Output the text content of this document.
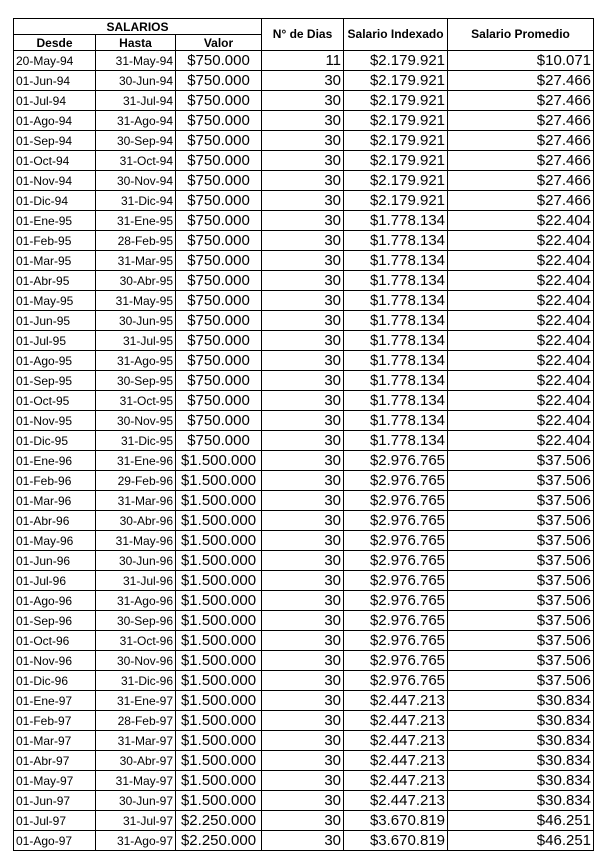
SALARIOS			N° de Dias	Salario Indexado	Salario Promedio
Desde	Hasta	Valor			
20-May-94	31-May-94	$750.000	11	$2.179.921	$10.071
01-Jun-94	30-Jun-94	$750.000	30	$2.179.921	$27.466
01-Jul-94	31-Jul-94	$750.000	30	$2.179.921	$27.466
01-Ago-94	31-Ago-94	$750.000	30	$2.179.921	$27.466
01-Sep-94	30-Sep-94	$750.000	30	$2.179.921	$27.466
01-Oct-94	31-Oct-94	$750.000	30	$2.179.921	$27.466
01-Nov-94	30-Nov-94	$750.000	30	$2.179.921	$27.466
01-Dic-94	31-Dic-94	$750.000	30	$2.179.921	$27.466
01-Ene-95	31-Ene-95	$750.000	30	$1.778.134	$22.404
01-Feb-95	28-Feb-95	$750.000	30	$1.778.134	$22.404
01-Mar-95	31-Mar-95	$750.000	30	$1.778.134	$22.404
01-Abr-95	30-Abr-95	$750.000	30	$1.778.134	$22.404
01-May-95	31-May-95	$750.000	30	$1.778.134	$22.404
01-Jun-95	30-Jun-95	$750.000	30	$1.778.134	$22.404
01-Jul-95	31-Jul-95	$750.000	30	$1.778.134	$22.404
01-Ago-95	31-Ago-95	$750.000	30	$1.778.134	$22.404
01-Sep-95	30-Sep-95	$750.000	30	$1.778.134	$22.404
01-Oct-95	31-Oct-95	$750.000	30	$1.778.134	$22.404
01-Nov-95	30-Nov-95	$750.000	30	$1.778.134	$22.404
01-Dic-95	31-Dic-95	$750.000	30	$1.778.134	$22.404
01-Ene-96	31-Ene-96	$1.500.000	30	$2.976.765	$37.506
01-Feb-96	29-Feb-96	$1.500.000	30	$2.976.765	$37.506
01-Mar-96	31-Mar-96	$1.500.000	30	$2.976.765	$37.506
01-Abr-96	30-Abr-96	$1.500.000	30	$2.976.765	$37.506
01-May-96	31-May-96	$1.500.000	30	$2.976.765	$37.506
01-Jun-96	30-Jun-96	$1.500.000	30	$2.976.765	$37.506
01-Jul-96	31-Jul-96	$1.500.000	30	$2.976.765	$37.506
01-Ago-96	31-Ago-96	$1.500.000	30	$2.976.765	$37.506
01-Sep-96	30-Sep-96	$1.500.000	30	$2.976.765	$37.506
01-Oct-96	31-Oct-96	$1.500.000	30	$2.976.765	$37.506
01-Nov-96	30-Nov-96	$1.500.000	30	$2.976.765	$37.506
01-Dic-96	31-Dic-96	$1.500.000	30	$2.976.765	$37.506
01-Ene-97	31-Ene-97	$1.500.000	30	$2.447.213	$30.834
01-Feb-97	28-Feb-97	$1.500.000	30	$2.447.213	$30.834
01-Mar-97	31-Mar-97	$1.500.000	30	$2.447.213	$30.834
01-Abr-97	30-Abr-97	$1.500.000	30	$2.447.213	$30.834
01-May-97	31-May-97	$1.500.000	30	$2.447.213	$30.834
01-Jun-97	30-Jun-97	$1.500.000	30	$2.447.213	$30.834
01-Jul-97	31-Jul-97	$2.250.000	30	$3.670.819	$46.251
01-Ago-97	31-Ago-97	$2.250.000	30	$3.670.819	$46.251
